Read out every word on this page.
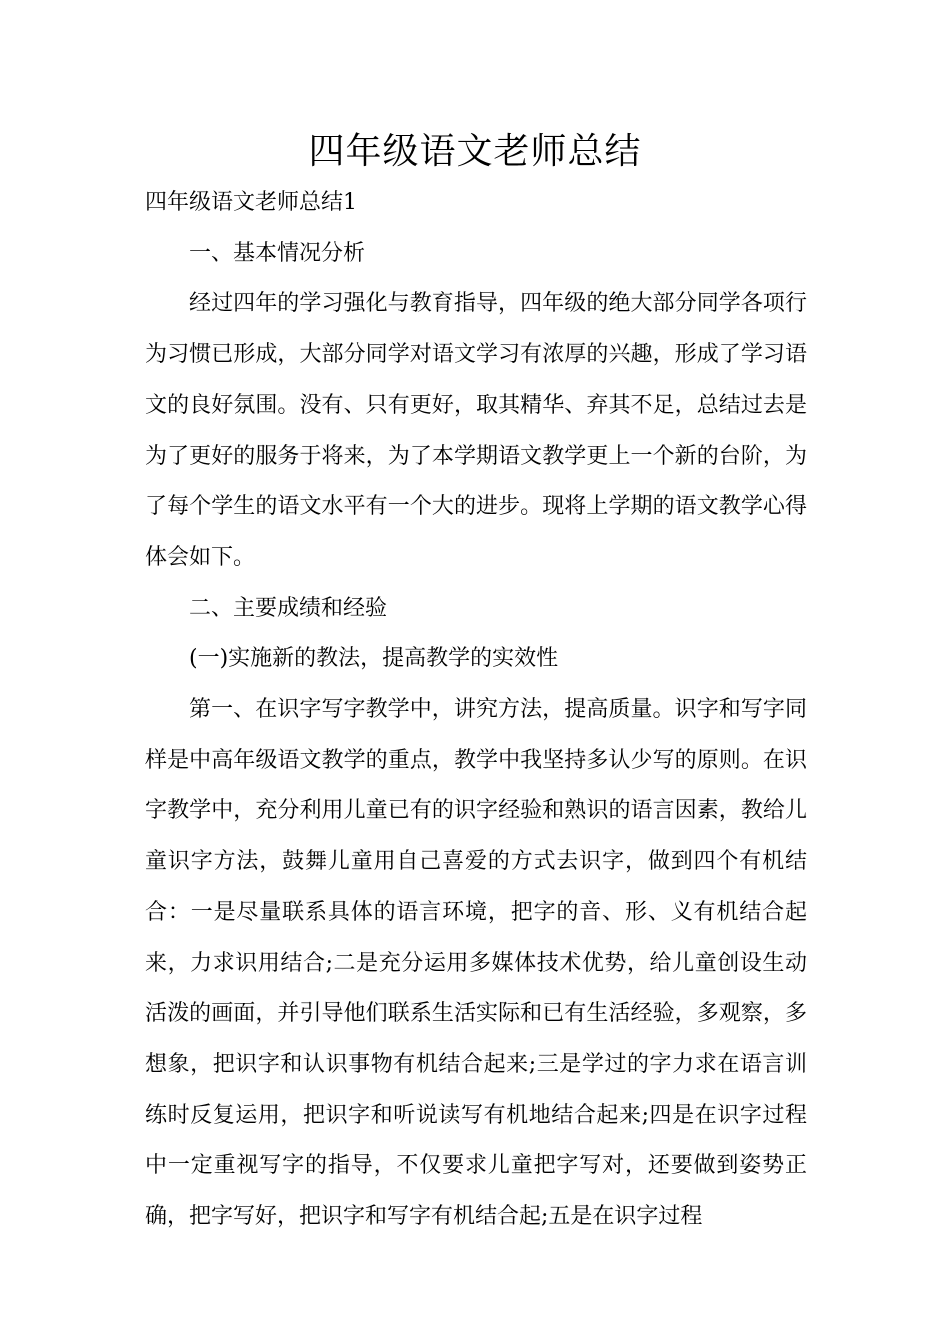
四年级语文老师总结

四年级语文老师总结1

一、基本情况分析

经过四年的学习强化与教育指导，四年级的绝大部分同学各项行为习惯已形成，大部分同学对语文学习有浓厚的兴趣，形成了学习语文的良好氛围。没有、只有更好，取其精华、弃其不足，总结过去是为了更好的服务于将来，为了本学期语文教学更上一个新的台阶，为了每个学生的语文水平有一个大的进步。现将上学期的语文教学心得体会如下。

二、主要成绩和经验

(一)实施新的教法，提高教学的实效性

第一、在识字写字教学中，讲究方法，提高质量。识字和写字同样是中高年级语文教学的重点，教学中我坚持多认少写的原则。在识字教学中，充分利用儿童已有的识字经验和熟识的语言因素，教给儿童识字方法，鼓舞儿童用自己喜爱的方式去识字，做到四个有机结合：一是尽量联系具体的语言环境，把字的音、形、义有机结合起来，力求识用结合;二是充分运用多媒体技术优势，给儿童创设生动活泼的画面，并引导他们联系生活实际和已有生活经验，多观察，多想象，把识字和认识事物有机结合起来;三是学过的字力求在语言训练时反复运用，把识字和听说读写有机地结合起来;四是在识字过程中一定重视写字的指导，不仅要求儿童把字写对，还要做到姿势正确，把字写好，把识字和写字有机结合起;五是在识字过程
